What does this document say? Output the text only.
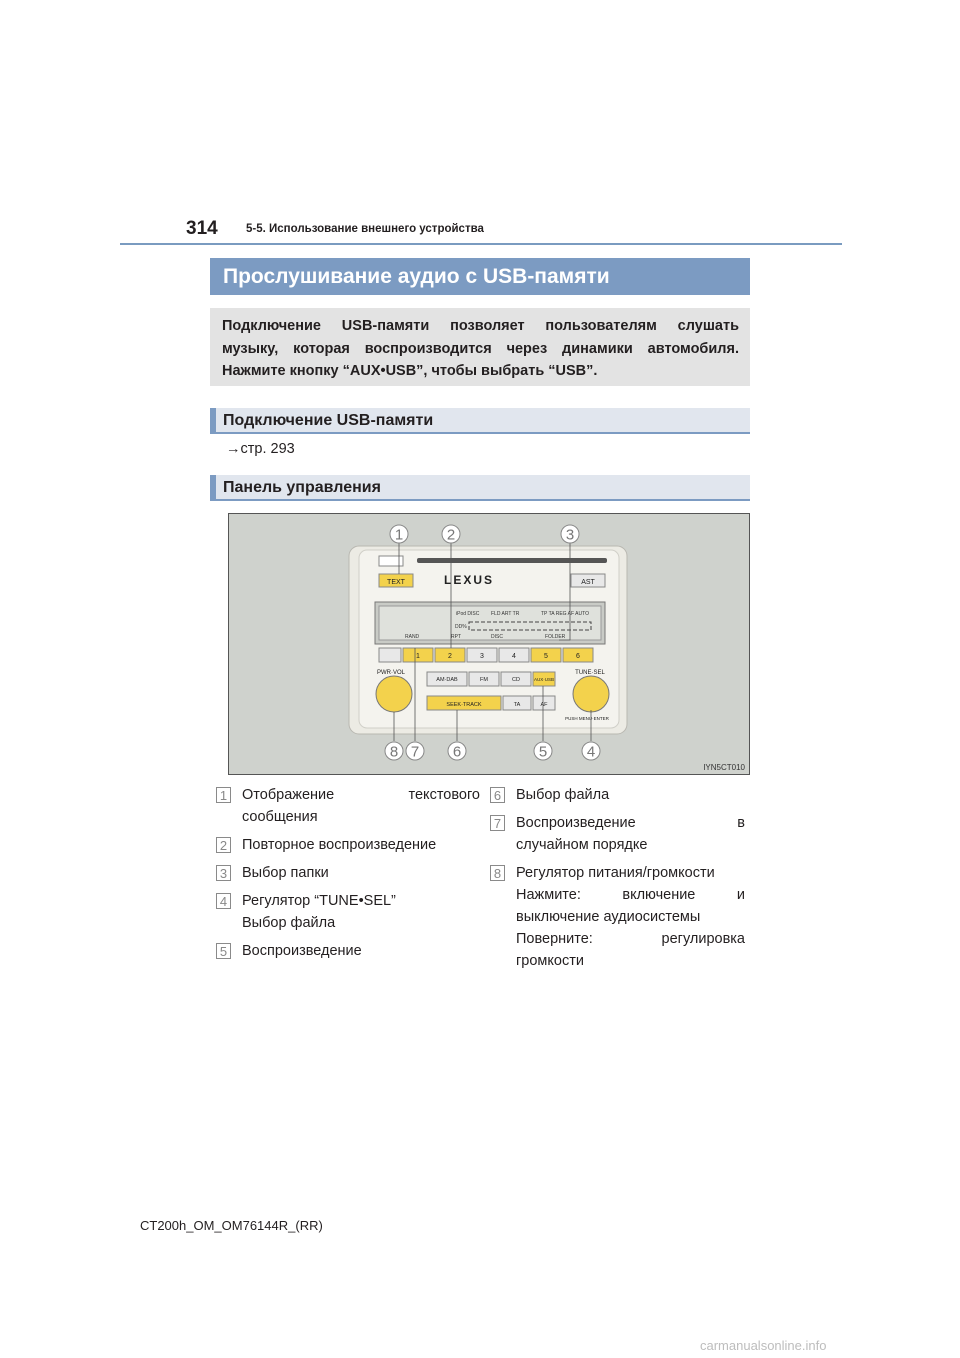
314 5-5. Использование внешнего устройства
Прослушивание аудио с USB-памяти

Подключение USB-памяти позволяет пользователям слушать

музыку, которая воспроизводится через динамики автомобиля.

Нажмите кнопку “AUX•USB”, чтобы выбрать “USB”.

Подключение USB-памяти
→стр. 293
Панель управления
TEXT	AST
LEXUS
iPod DISC FLD ART TR	TP TA REG AF AUTO
DD%
RAND	RPT	DISC	FOLDER
1	2	3	4	5	6
PWR·VOL	TUNE·SEL
PUSH MENU·ENTER
AM·DAB	FM	CD	AUX·USB
SEEK·TRACK	TA	AF
1	2	3
4
5
6
7
8
IYN5CT010
1 Отображение	текстового
сообщения
2 Повторное воспроизведение
3 Выбор папки
4 Регулятор “TUNE•SEL”
Выбор файла
5 Воспроизведение
6 Выбор файла
7 Воспроизведение	в
случайном порядке
8 Регулятор питания/громкости
Нажмите:	включение	и
выключение аудиосистемы
Поверните:	регулировка
громкости
CT200h_OM_OM76144R_(RR)
carmanualsonline.info
